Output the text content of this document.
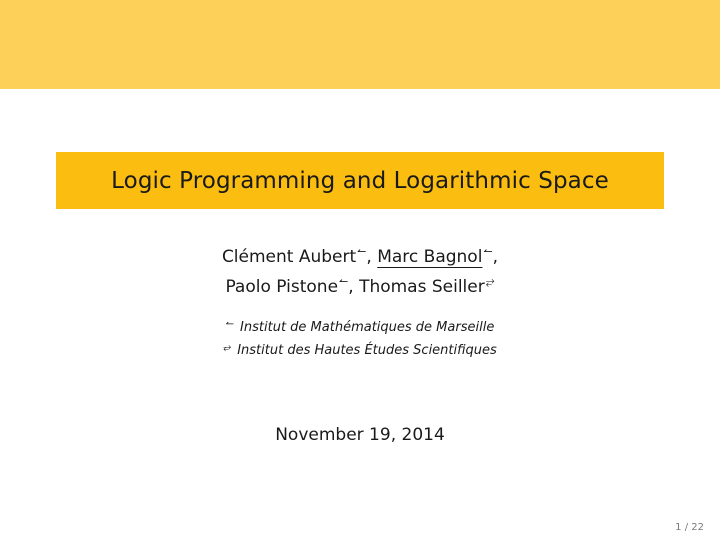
Logic Programming and Logarithmic Space
Clément Aubert↼, Marc Bagnol↼,
Paolo Pistone↼, Thomas Seiller⥂
↼ Institut de Mathématiques de Marseille
⥂ Institut des Hautes Études Scientifiques
November 19, 2014
1 / 22
